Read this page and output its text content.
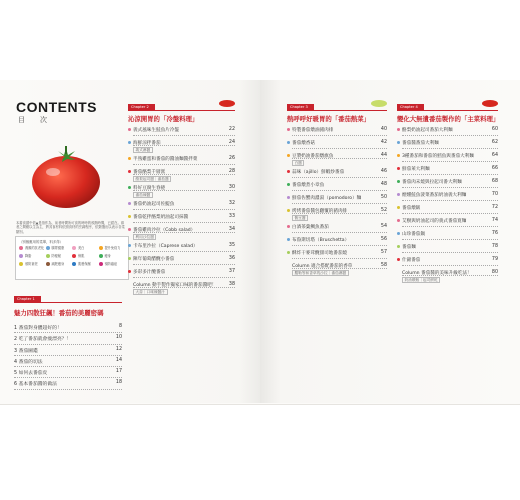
CONTENTS
目　次
本書食譜中依▲是指作為，前者時間所可食的時時的預熱時間，已經在。兩者之間應以生為主，將其食材料依照食材的烹調程序，依類選出以表示各菜類別。
（別個應用的菜單，料多得）
養顏的抗老化 腸胃健康	美白	提升免疫力
降脂	防便秘	保肌	瘦身
預防衰老	減肥瘦身	肌膚保濕	預防癌症
Chapter 1
魅力四散狂飆！番茄的美麗密碼
1 番茄對身體超好的！	8
2 吃了番茄就會瘦漂亮？！	10
3 番茄圖鑑	12
4 番茄的切法	14
5 如何去番茄皮	17
6 基本番茄醬的做法	18
Chapter 2
沁涼開胃的「冷盤料理」
義式風味生鮭魚片冷盤	22
海鮮涼拌番茄	24
義式淋醬
半熟雞蛋和番茄的醬油麵醬拌菜	26
番茄酪梨千層派	28
酪梨起司醬｜番茄醬
料好豆腐生春捲	30
番茄辣醬
番茄奶油起司佐鯷魚	32
番茄乾拌酪梨奶油起司抹醬	33
番茄雞肉沙拉（Cobb salad）	34
利用沙拉醬
卡布里沙拉（Caprese salad）	35
陳年葡萄醋醃小番茄	36
多彩多汁醃番茄	37
Column 動手製作獨家口味的番茄醬吧！	38
大蒜｜口味辣醬汁
Chapter 3
熱呼呼好暖胃的「番茄熱菜」
特製番茄燉滷豬肉排	40
番茄燉香菇	42
豆漿奶油番茄燉旗魚	44
白醬
蒜味（ajillo）鮮蝦炒番茄	46
番茄燉煮小章魚	48
鮮茄佐蟹肉濃湯（pomodoro）麵	50
烤烤番茄醬包翻覆的豬肉排	52
酱豆醬
白酒茶葉鯛魚番茄	54
布魯斯切塔（Bruschetta）	56
酥炸干麥茸醃甜司地番茄燒	57
Column 適合搭配番茄的香草	58
羅勒等和香草的沙拉｜番茄淋醬
Chapter 4
變化大無遺番茄製作的「主菜料理」
酪梨奶油起司番茄大利麵	60
番茄醬番茄大利麵	62
3種番茄和番茄的鱈魚與番茄大利麵	64
鮮茄萊大利麵	66
番茄肉末燒與拉起司番大利麵	68
煙燻鮭魚菠菜番茄奶油義大利麵	70
番茄燉飯	72
艾樹與奶油起司的義式番茄寬麵	74
山珍番茄鍋	76
番茄麵	78
什錦番茄	79
Column 番茄醬的美味升級吃法！	80
奶油燉飯｜起司餅乾
